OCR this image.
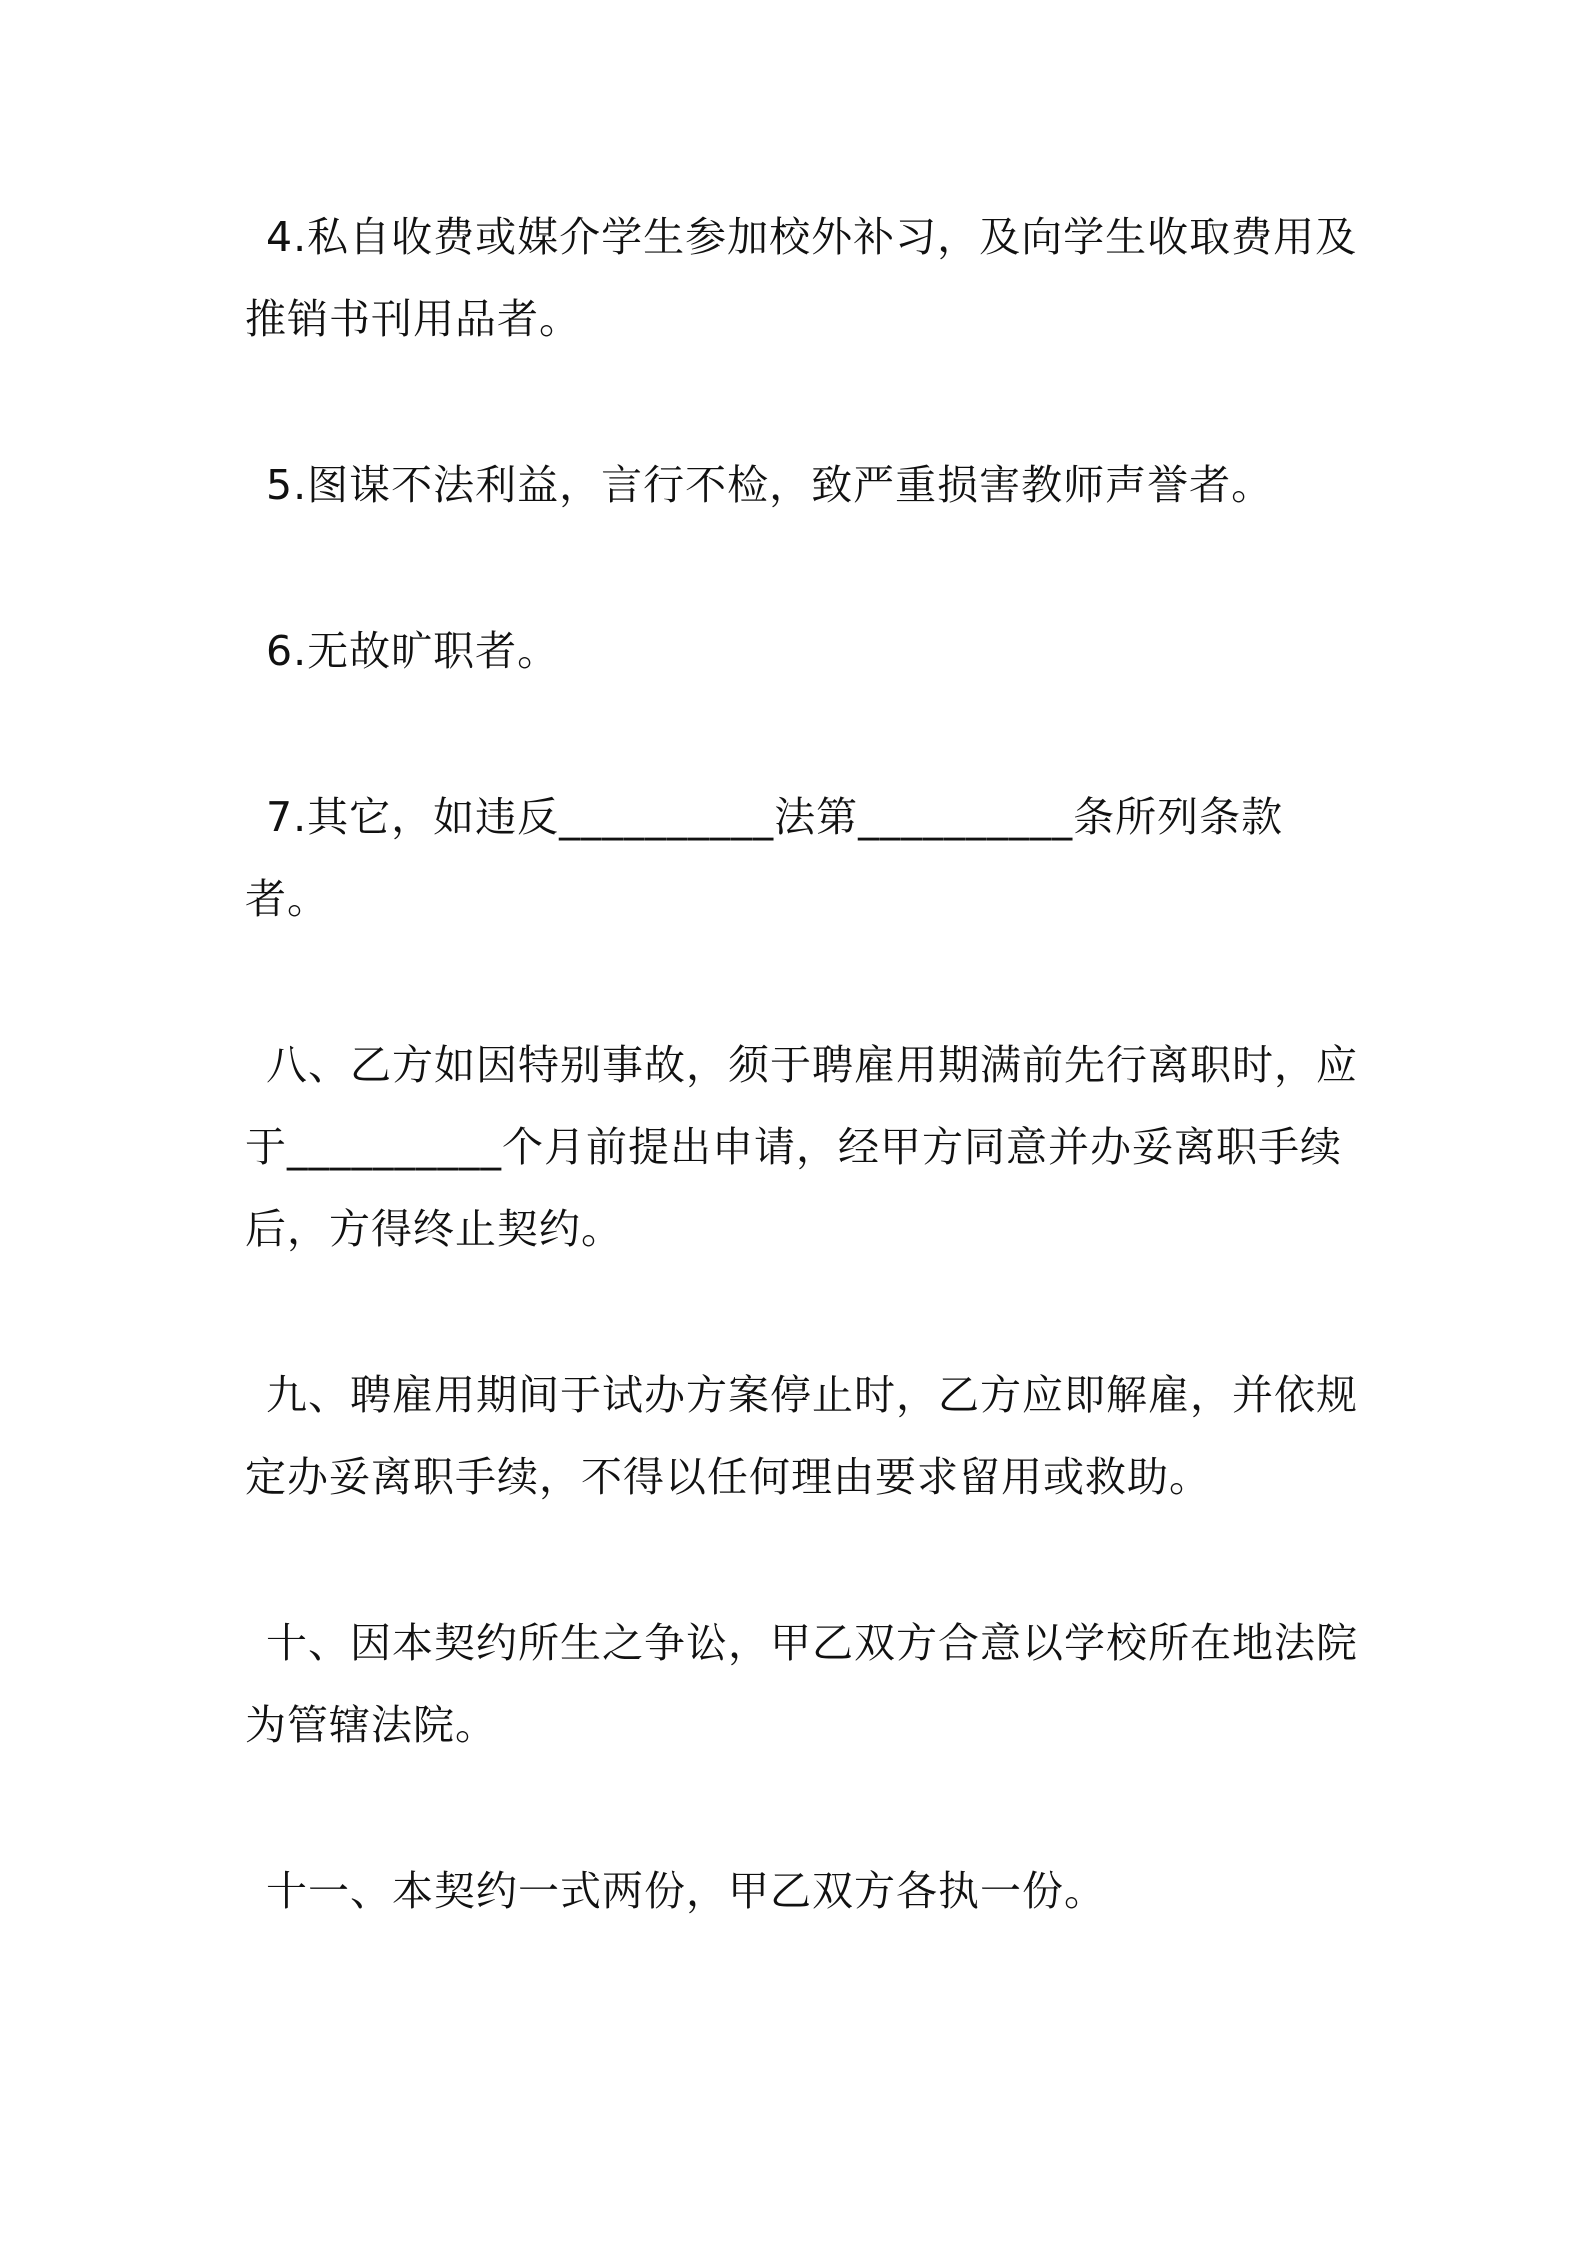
4.私自收费或媒介学生参加校外补习，及向学生收取费用及推销书刊用品者。

5.图谋不法利益，言行不检，致严重损害教师声誉者。

6.无故旷职者。

7.其它，如违反__________法第__________条所列条款者。

八、乙方如因特别事故，须于聘雇用期满前先行离职时，应于__________个月前提出申请，经甲方同意并办妥离职手续后，方得终止契约。

九、聘雇用期间于试办方案停止时，乙方应即解雇，并依规定办妥离职手续，不得以任何理由要求留用或救助。

十、因本契约所生之争讼，甲乙双方合意以学校所在地法院为管辖法院。

十一、本契约一式两份，甲乙双方各执一份。
